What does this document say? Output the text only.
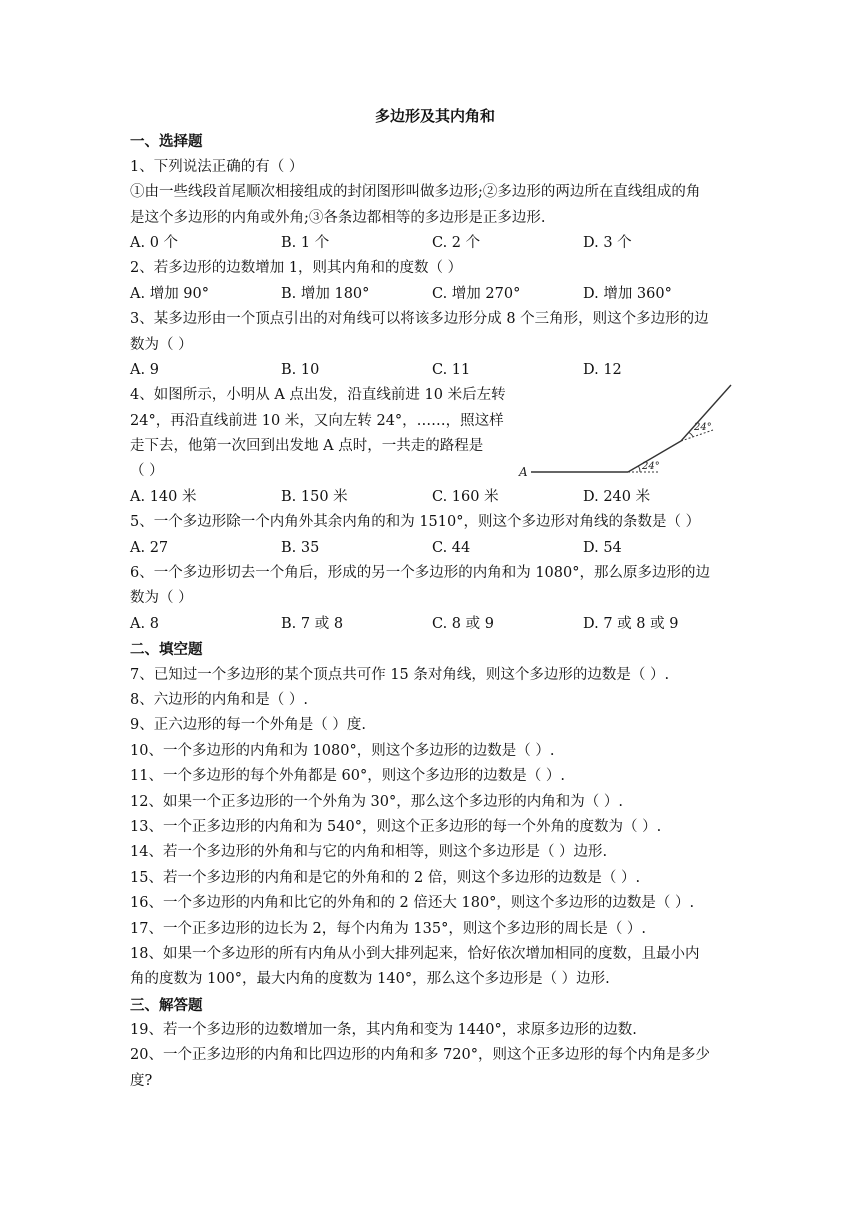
多边形及其内角和
一、选择题
1、下列说法正确的有（ ）
①由一些线段首尾顺次相接组成的封闭图形叫做多边形;②多边形的两边所在直线组成的角
是这个多边形的内角或外角;③各条边都相等的多边形是正多边形.
A. 0 个	B. 1 个	C. 2 个	D. 3 个
2、若多边形的边数增加 1，则其内角和的度数（ ）
A. 增加 90°	B. 增加 180°	C. 增加 270°	D. 增加 360°
3、某多边形由一个顶点引出的对角线可以将该多边形分成 8 个三角形，则这个多边形的边
数为（ ）
A. 9	B. 10	C. 11	D. 12
4、如图所示，小明从 A 点出发，沿直线前进 10 米后左转
24°，再沿直线前进 10 米，又向左转 24°，……，照这样
走下去，他第一次回到出发地 A 点时，一共走的路程是
（ ）	A	24°
24°
A. 140 米	B. 150 米	C. 160 米	D. 240 米
5、一个多边形除一个内角外其余内角的和为 1510°，则这个多边形对角线的条数是（ ）
A. 27	B. 35	C. 44	D. 54
6、一个多边形切去一个角后，形成的另一个多边形的内角和为 1080°，那么原多边形的边
数为（ ）
A. 8	B. 7 或 8	C. 8 或 9	D. 7 或 8 或 9
二、填空题
7、已知过一个多边形的某个顶点共可作 15 条对角线，则这个多边形的边数是（ ）.
8、六边形的内角和是（ ）.
9、正六边形的每一个外角是（ ）度.
10、一个多边形的内角和为 1080°，则这个多边形的边数是（ ）.
11、一个多边形的每个外角都是 60°，则这个多边形的边数是（ ）.
12、如果一个正多边形的一个外角为 30°，那么这个多边形的内角和为（ ）.
13、一个正多边形的内角和为 540°，则这个正多边形的每一个外角的度数为（ ）.
14、若一个多边形的外角和与它的内角和相等，则这个多边形是（ ）边形.
15、若一个多边形的内角和是它的外角和的 2 倍，则这个多边形的边数是（ ）.
16、一个多边形的内角和比它的外角和的 2 倍还大 180°，则这个多边形的边数是（ ）.
17、一个正多边形的边长为 2，每个内角为 135°，则这个多边形的周长是（ ）.
18、如果一个多边形的所有内角从小到大排列起来，恰好依次增加相同的度数，且最小内
角的度数为 100°，最大内角的度数为 140°，那么这个多边形是（ ）边形.
三、解答题
19、若一个多边形的边数增加一条，其内角和变为 1440°，求原多边形的边数.
20、一个正多边形的内角和比四边形的内角和多 720°，则这个正多边形的每个内角是多少
度?
